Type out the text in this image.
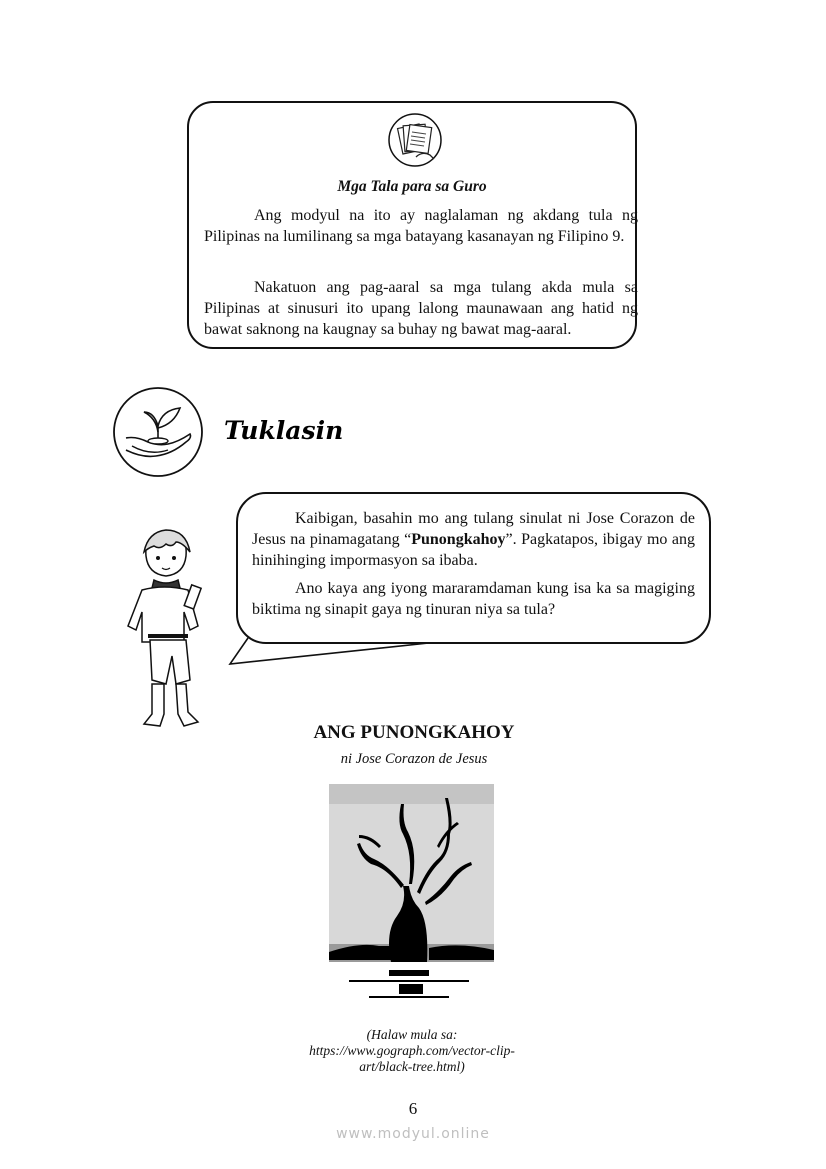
Mga Tala para sa Guro

Ang modyul na ito ay naglalaman ng akdang tula ng Pilipinas na lumilinang sa mga batayang kasanayan ng Filipino 9.

Nakatuon ang pag-aaral sa mga tulang akda mula sa Pilipinas at sinusuri ito upang lalong maunawaan ang hatid ng bawat saknong na kaugnay sa buhay ng bawat mag-aaral.

Tuklasin

Kaibigan, basahin mo ang tulang sinulat ni Jose Corazon de Jesus na pinamagatang “Punongkahoy”. Pagkatapos, ibigay mo ang hinihinging impormasyon sa ibaba.

Ano kaya ang iyong mararamdaman kung isa ka sa magiging biktima ng sinapit gaya ng tinuran niya sa tula?

ANG PUNONGKAHOY
ni Jose Corazon de Jesus
(Halaw mula sa: https://www.gograph.com/vector-clip-art/black-tree.html)
6
www.modyul.online
